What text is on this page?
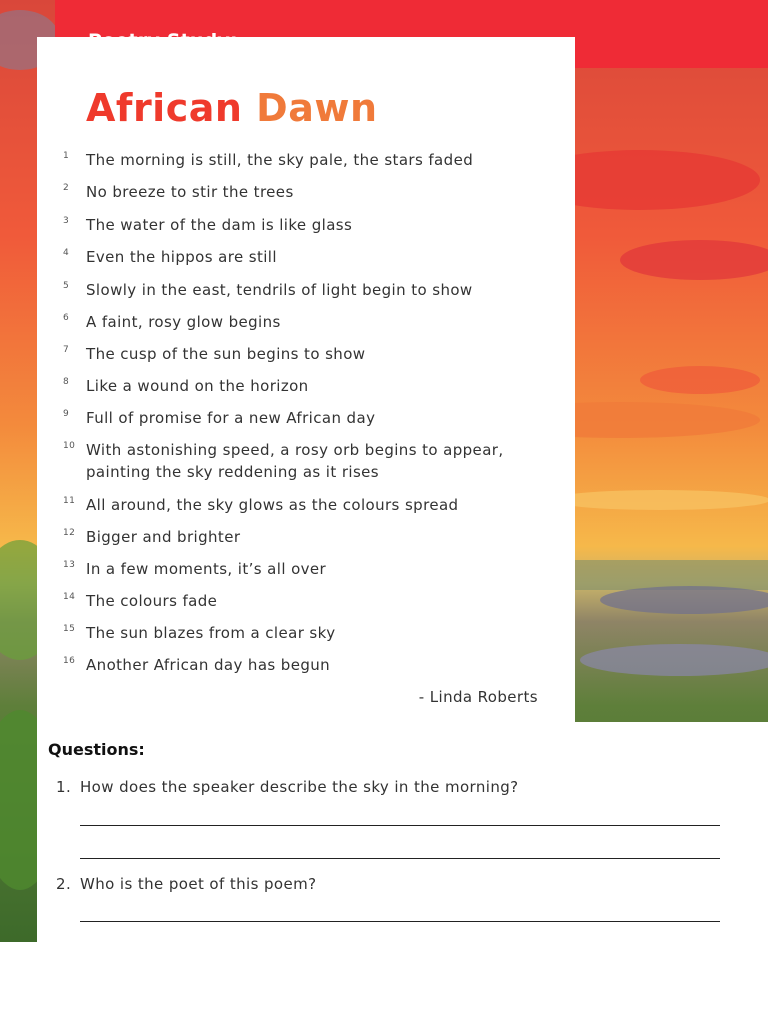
African Dawn
1 The morning is still, the sky pale, the stars faded
2 No breeze to stir the trees
3 The water of the dam is like glass
4 Even the hippos are still
5 Slowly in the east, tendrils of light begin to show
6 A faint, rosy glow begins
7 The cusp of the sun begins to show
8 Like a wound on the horizon
9 Full of promise for a new African day
10 With astonishing speed, a rosy orb begins to appear, painting the sky reddening as it rises
11 All around, the sky glows as the colours spread
12 Bigger and brighter
13 In a few moments, it’s all over
14 The colours fade
15 The sun blazes from a clear sky
16 Another African day has begun
- Linda Roberts
Questions:
1. How does the speaker describe the sky in the morning?
2. Who is the poet of this poem?
